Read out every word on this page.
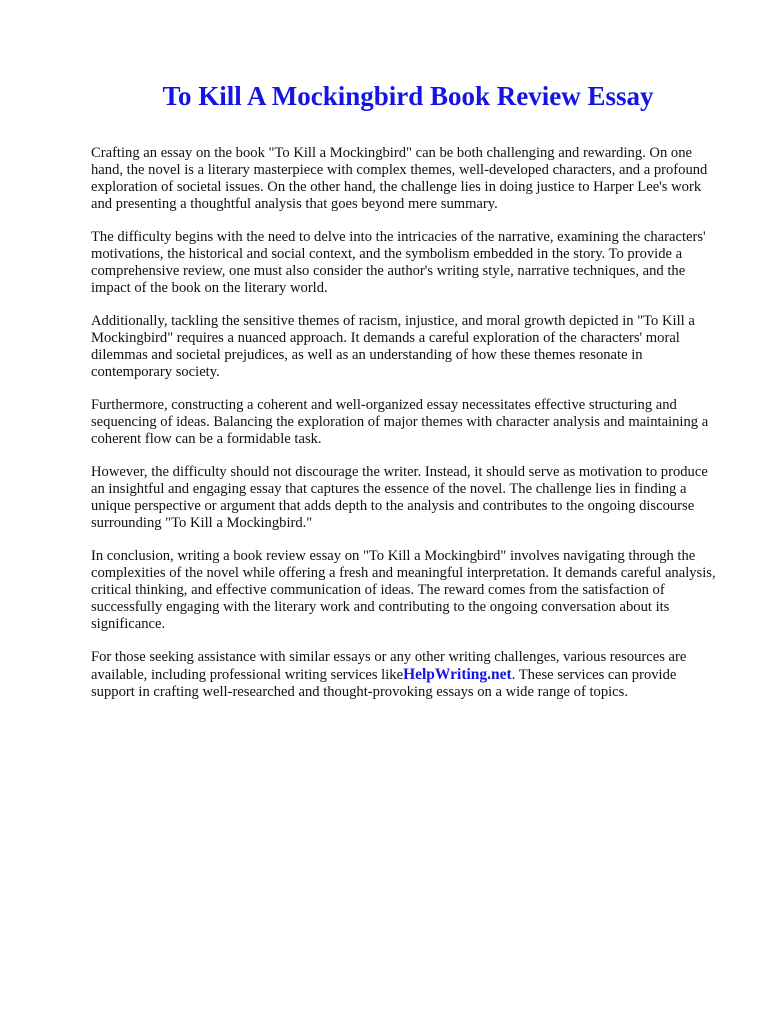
To Kill A Mockingbird Book Review Essay

Crafting an essay on the book "To Kill a Mockingbird" can be both challenging and rewarding. On one hand, the novel is a literary masterpiece with complex themes, well-developed characters, and a profound exploration of societal issues. On the other hand, the challenge lies in doing justice to Harper Lee's work and presenting a thoughtful analysis that goes beyond mere summary.

The difficulty begins with the need to delve into the intricacies of the narrative, examining the characters' motivations, the historical and social context, and the symbolism embedded in the story. To provide a comprehensive review, one must also consider the author's writing style, narrative techniques, and the impact of the book on the literary world.

Additionally, tackling the sensitive themes of racism, injustice, and moral growth depicted in "To Kill a Mockingbird" requires a nuanced approach. It demands a careful exploration of the characters' moral dilemmas and societal prejudices, as well as an understanding of how these themes resonate in contemporary society.

Furthermore, constructing a coherent and well-organized essay necessitates effective structuring and sequencing of ideas. Balancing the exploration of major themes with character analysis and maintaining a coherent flow can be a formidable task.

However, the difficulty should not discourage the writer. Instead, it should serve as motivation to produce an insightful and engaging essay that captures the essence of the novel. The challenge lies in finding a unique perspective or argument that adds depth to the analysis and contributes to the ongoing discourse surrounding "To Kill a Mockingbird."

In conclusion, writing a book review essay on "To Kill a Mockingbird" involves navigating through the complexities of the novel while offering a fresh and meaningful interpretation. It demands careful analysis, critical thinking, and effective communication of ideas. The reward comes from the satisfaction of successfully engaging with the literary work and contributing to the ongoing conversation about its significance.

For those seeking assistance with similar essays or any other writing challenges, various resources are available, including professional writing services likeHelpWriting.net. These services can provide support in crafting well-researched and thought-provoking essays on a wide range of topics.
